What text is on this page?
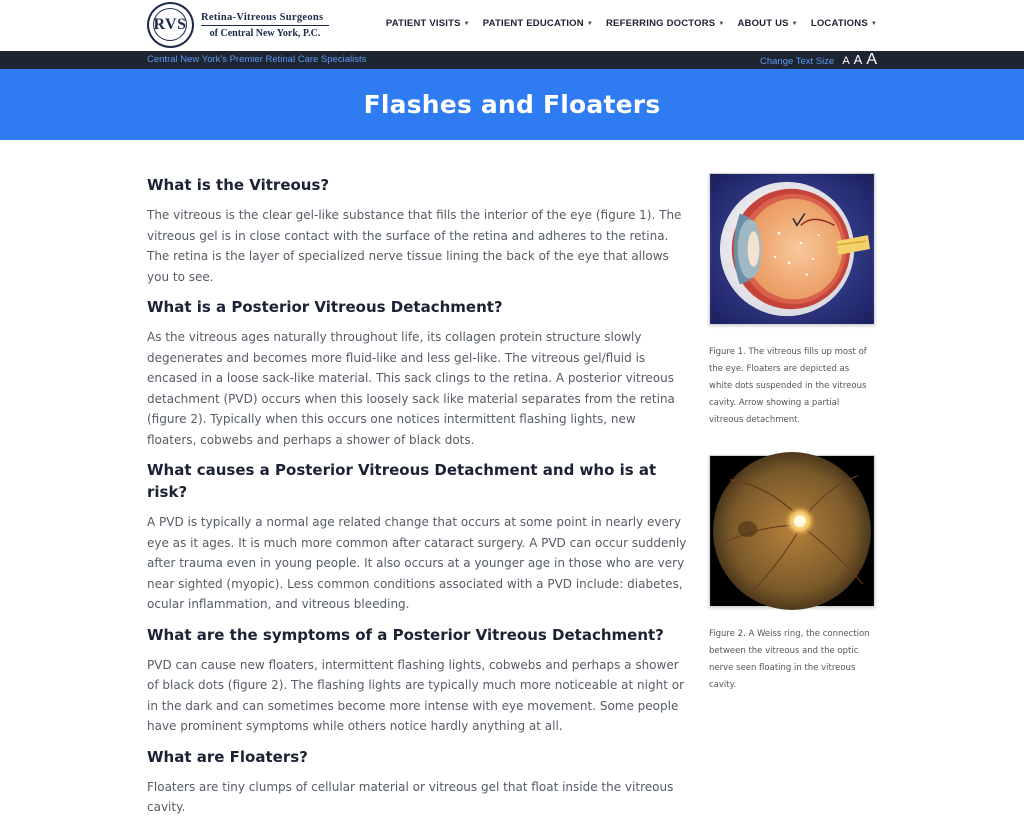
RVS Retina-Vitreous Surgeons
of Central New York, P.C.
PATIENT VISITS ▼ PATIENT EDUCATION ▼ REFERRING DOCTORS ▼ ABOUT US ▼ LOCATIONS ▼
Central New York's Premier Retinal Care Specialists	Change Text Size A A A
Flashes and Floaters
What is the Vitreous?

The vitreous is the clear gel-like substance that fills the interior of the eye (figure 1). The vitreous gel is in close contact with the surface of the retina and adheres to the retina. The retina is the layer of specialized nerve tissue lining the back of the eye that allows you to see.

What is a Posterior Vitreous Detachment?

As the vitreous ages naturally throughout life, its collagen protein structure slowly degenerates and becomes more fluid-like and less gel-like. The vitreous gel/fluid is encased in a loose sack-like material. This sack clings to the retina. A posterior vitreous detachment (PVD) occurs when this loosely sack like material separates from the retina (figure 2). Typically when this occurs one notices intermittent flashing lights, new floaters, cobwebs and perhaps a shower of black dots.

What causes a Posterior Vitreous Detachment and who is at risk?

A PVD is typically a normal age related change that occurs at some point in nearly every eye as it ages. It is much more common after cataract surgery. A PVD can occur suddenly after trauma even in young people. It also occurs at a younger age in those who are very near sighted (myopic). Less common conditions associated with a PVD include: diabetes, ocular inflammation, and vitreous bleeding.

What are the symptoms of a Posterior Vitreous Detachment?

PVD can cause new floaters, intermittent flashing lights, cobwebs and perhaps a shower of black dots (figure 2). The flashing lights are typically much more noticeable at night or in the dark and can sometimes become more intense with eye movement. Some people have prominent symptoms while others notice hardly anything at all.

What are Floaters?

Floaters are tiny clumps of cellular material or vitreous gel that float inside the vitreous cavity.

Figure 1. The vitreous fills up most of the eye. Floaters are depicted as white dots suspended in the vitreous cavity. Arrow showing a partial vitreous detachment.
Figure 2. A Weiss ring, the connection between the vitreous and the optic nerve seen floating in the vitreous cavity.
